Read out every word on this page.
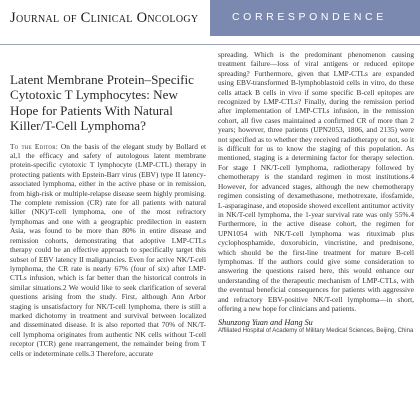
Journal of Clinical Oncology	CORRESPONDENCE
Latent Membrane Protein–Specific Cytotoxic T Lymphocytes: New Hope for Patients With Natural Killer/T-Cell Lymphoma?

To the Editor: On the basis of the elegant study by Bollard et al,1 the efficacy and safety of autologous latent membrane protein-specific cytotoxic T lymphocyte (LMP-CTL) therapy in protecting patients with Epstein-Barr virus (EBV) type II latency-associated lymphoma, either in the active phase or in remission, from high-risk or multiple-relapse disease seem highly promising. The complete remission (CR) rate for all patients with natural killer (NK)/T-cell lymphoma, one of the most refractory lymphomas and one with a geographic predilection in eastern Asia, was found to be more than 80% in entire disease and remission cohorts, demonstrating that adoptive LMP-CTLs therapy could be an effective approach to specifically target this subset of EBV latency II malignancies. Even for active NK/T-cell lymphoma, the CR rate is nearly 67% (four of six) after LMP-CTLs infusion, which is far better than the historical controls in similar situations.2 We would like to seek clarification of several questions arising from the study. First, although Ann Arbor staging is unsatisfactory for NK/T-cell lymphoma, there is still a marked dichotomy in treatment and survival between localized and disseminated disease. It is also reported that 70% of NK/T-cell lymphoma originates from authentic NK cells without T-cell receptor (TCR) gene rearrangement, the remainder being from T cells or indeterminate cells.3 Therefore, accurate

spreading. Which is the predominant phenomenon causing treatment failure—loss of viral antigens or reduced epitope spreading? Furthermore, given that LMP-CTLs are expanded using EBV-transformed B-lymphoblastoid cells in vitro, do these cells attack B cells in vivo if some specific B-cell epitopes are recognized by LMP-CTLs? Finally, during the remission period after implementation of LMP-CTLs infusion, in the remission cohort, all five cases maintained a confirmed CR of more than 2 years; however, three patients (UPN2053, 1806, and 2135) were not specified as to whether they received radiotherapy or not, so it is difficult for us to know the staging of this population. As mentioned, staging is a determining factor for therapy selection. For stage I NK/T-cell lymphoma, radiotherapy followed by chemotherapy is the standard regimen in most institutions.4 However, for advanced stages, although the new chemotherapy regimen consisting of dexamethasone, methotrexate, ifosfamide, L-asparaginase, and etoposide showed excellent antitumor activity in NK/T-cell lymphoma, the 1-year survival rate was only 55%.4 Furthermore, in the active disease cohort, the regimen for UPN1054 with NK/T-cell lymphoma was rituximab plus cyclophosphamide, doxorubicin, vincristine, and prednisone, which should be the first-line treatment for mature B-cell lymphomas. If the authors could give some consideration to answering the questions raised here, this would enhance our understanding of the therapeutic mechanism of LMP-CTLs, with the eventual beneficial consequences for patients with aggressive and refractory EBV-positive NK/T-cell lymphoma—in short, offering a new hope for clinicians and patients.

Shunzong Yuan and Hang Su

Affiliated Hospital of Academy of Military Medical Sciences, Beijing, China
